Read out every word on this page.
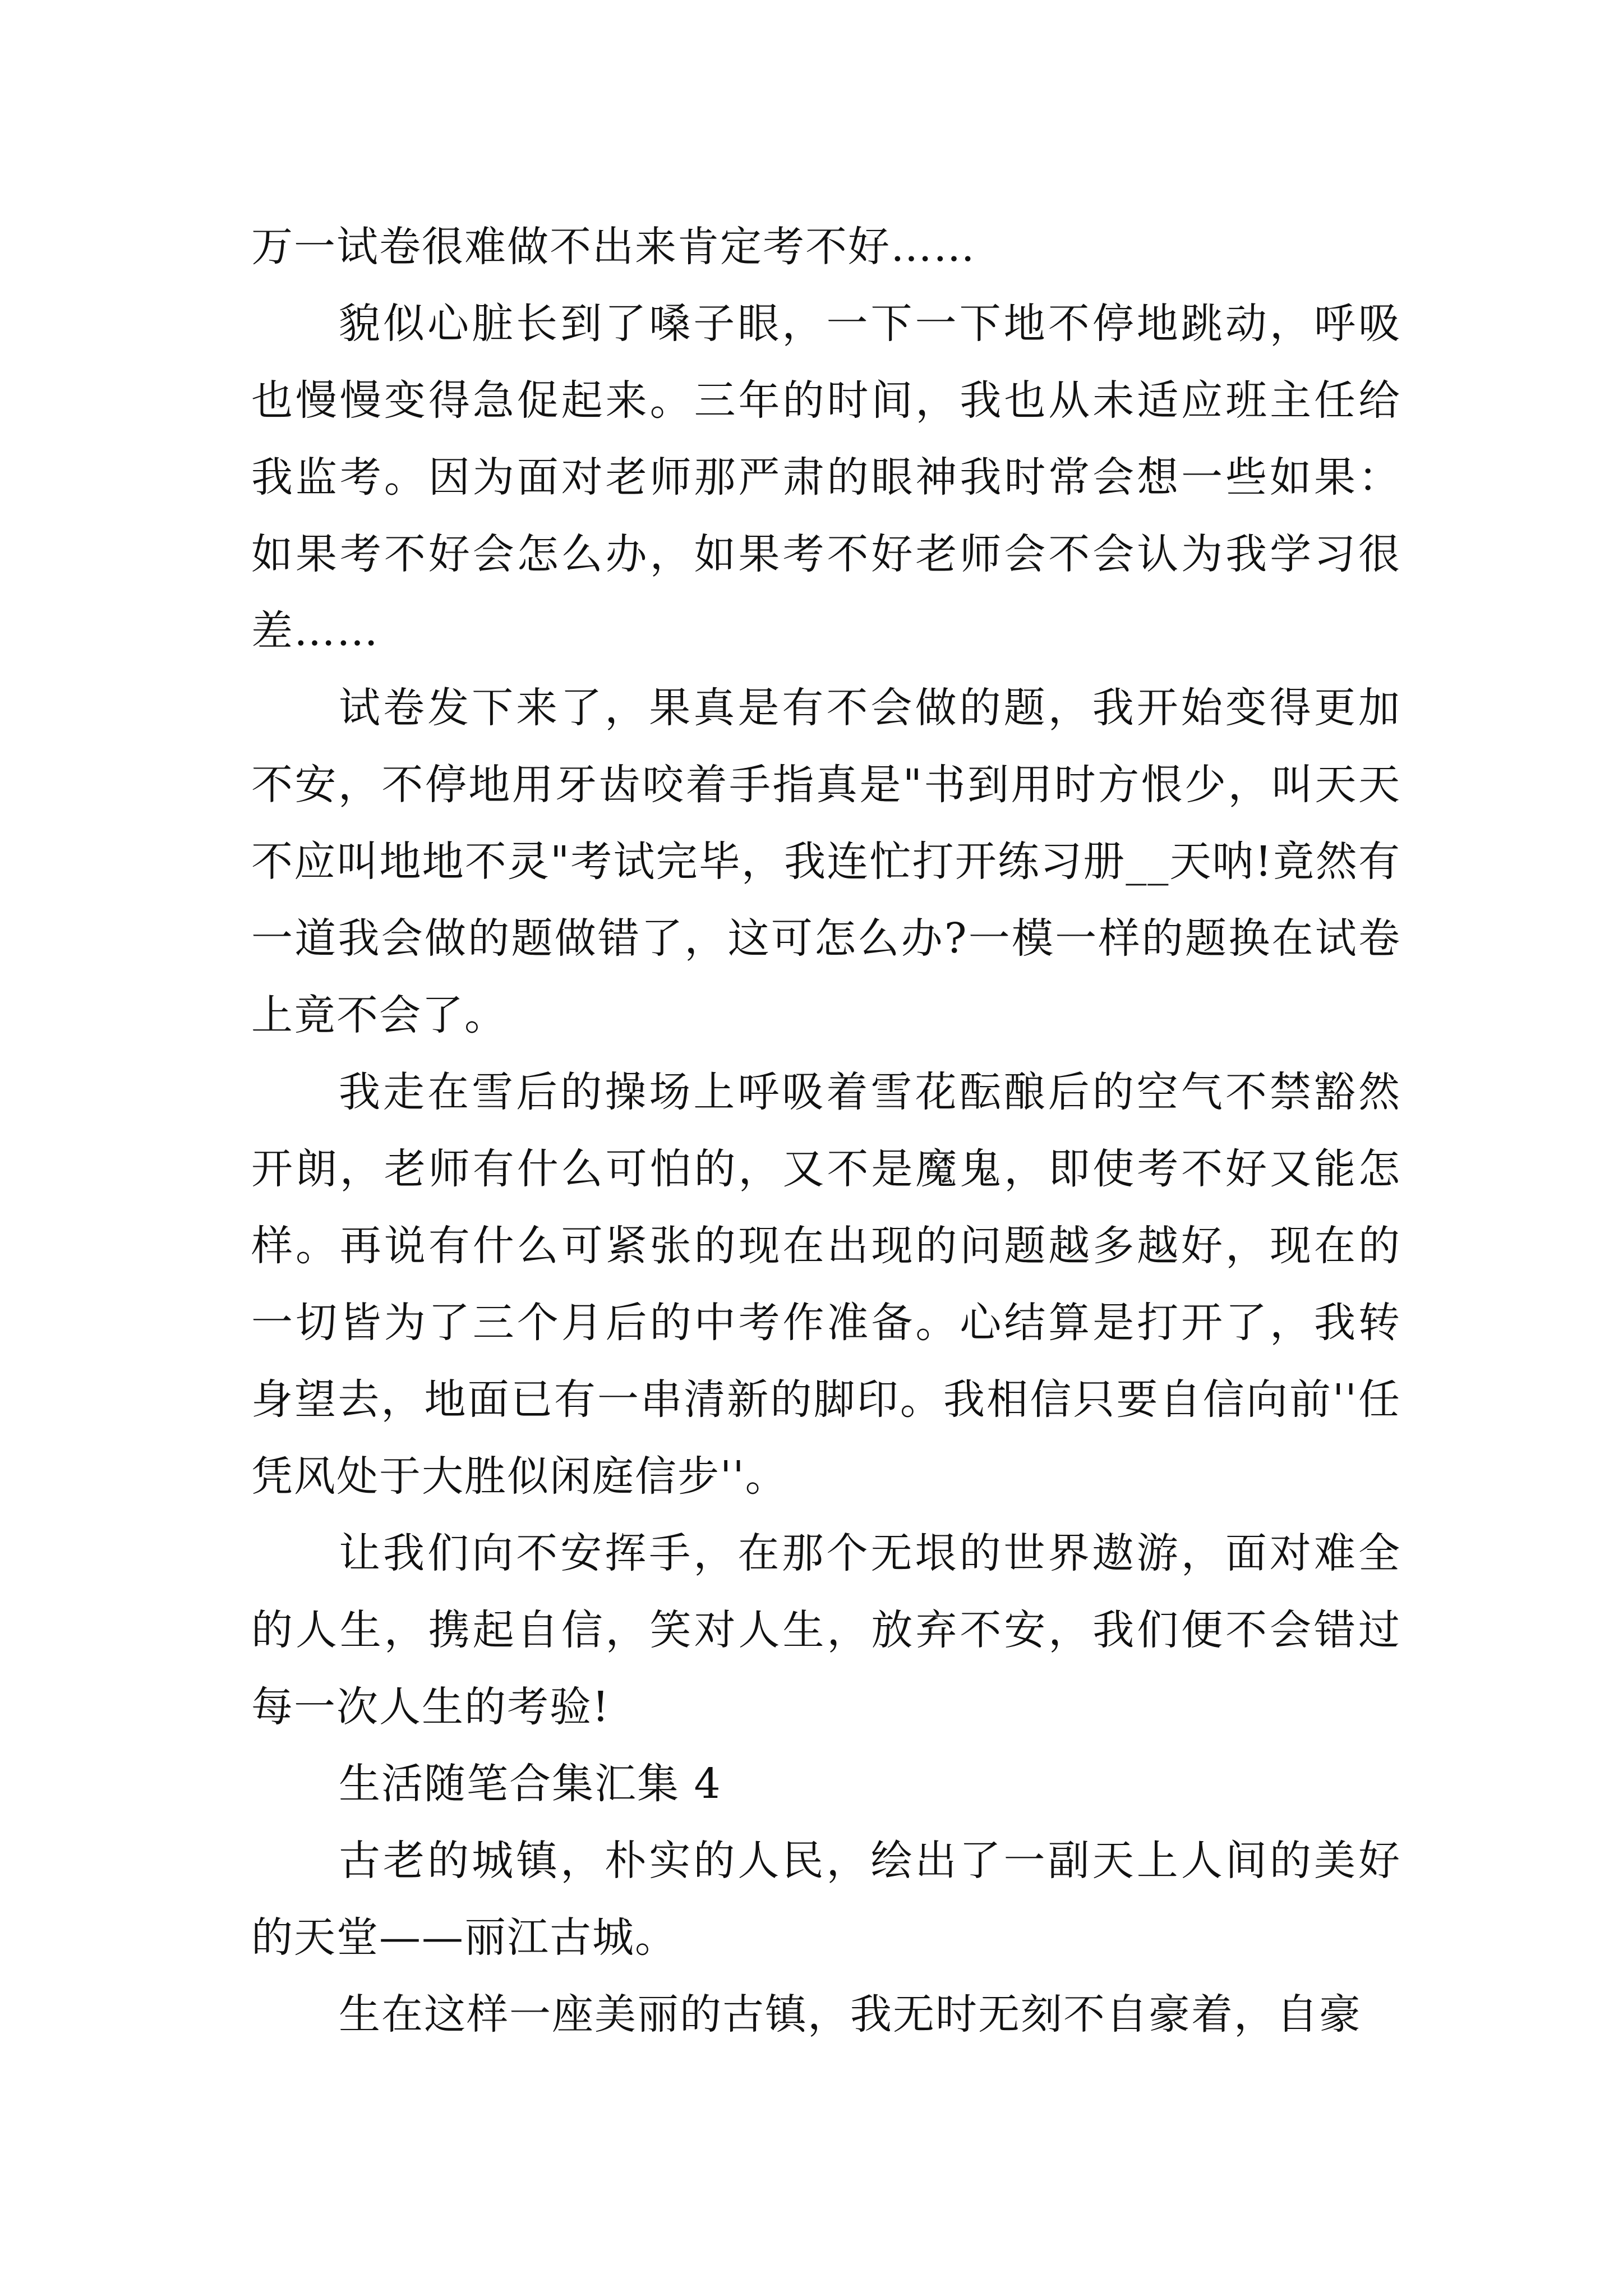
万一试卷很难做不出来肯定考不好……

貌似心脏长到了嗓子眼，一下一下地不停地跳动，呼吸也慢慢变得急促起来。三年的时间，我也从未适应班主任给我监考。因为面对老师那严肃的眼神我时常会想一些如果：如果考不好会怎么办，如果考不好老师会不会认为我学习很差……

试卷发下来了，果真是有不会做的题，我开始变得更加不安，不停地用牙齿咬着手指真是"书到用时方恨少，叫天天不应叫地地不灵"考试完毕，我连忙打开练习册__天呐!竟然有一道我会做的题做错了，这可怎么办?一模一样的题换在试卷上竟不会了。

我走在雪后的操场上呼吸着雪花酝酿后的空气不禁豁然开朗，老师有什么可怕的，又不是魔鬼，即使考不好又能怎样。再说有什么可紧张的现在出现的问题越多越好，现在的一切皆为了三个月后的中考作准备。心结算是打开了，我转身望去，地面已有一串清新的脚印。我相信只要自信向前''任凭风处于大胜似闲庭信步''。

让我们向不安挥手，在那个无垠的世界遨游，面对难全的人生，携起自信，笑对人生，放弃不安，我们便不会错过每一次人生的考验!

生活随笔合集汇集 4

古老的城镇，朴实的人民，绘出了一副天上人间的美好的天堂——丽江古城。

生在这样一座美丽的古镇，我无时无刻不自豪着，自豪
